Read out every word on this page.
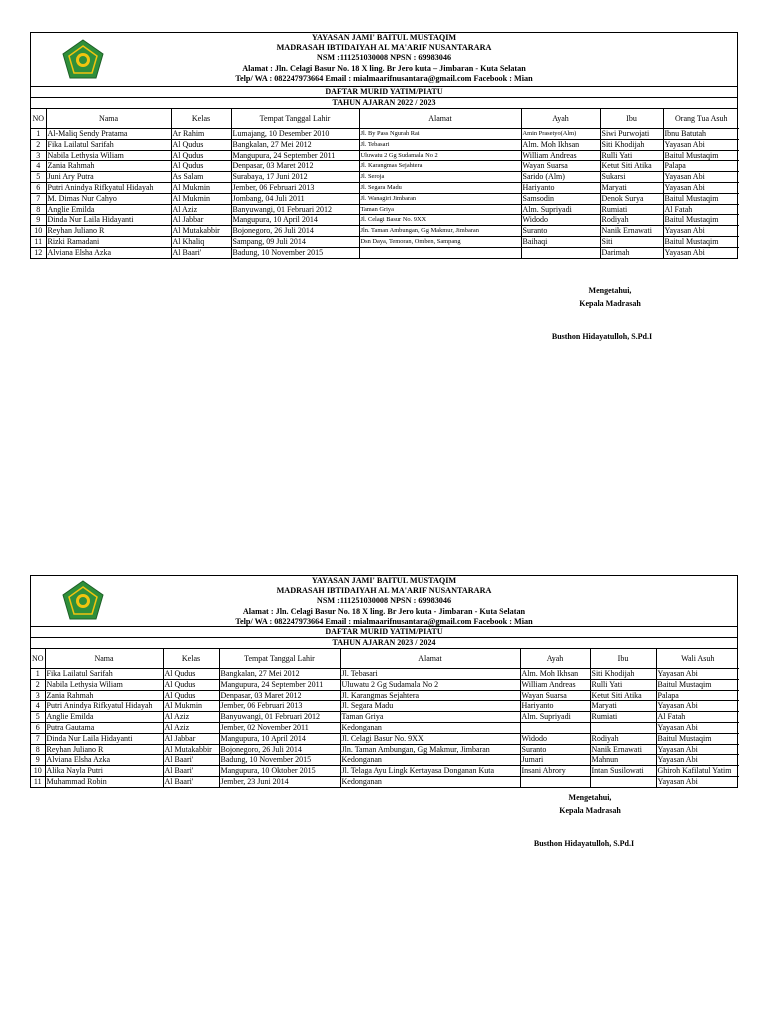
YAYASAN JAMI' BAITUL MUSTAQIM
MADRASAH IBTIDAIYAH AL MA'ARIF NUSANTARARA
NSM :111251030008 NPSN : 69983046
Alamat : Jln. Celagi Basur No. 18 X ling. Br Jero kuta – Jimbaran - Kuta Selatan
Telp/ WA : 082247973664 Email : mialmaarifnusantara@gmail.com Facebook : Mian
DAFTAR MURID YATIM/PIATU
TAHUN AJARAN 2022 / 2023
NO	Nama	Kelas	Tempat Tanggal Lahir	Alamat	Ayah	Ibu	Orang Tua Asuh
1	Al-Maliq Sendy Pratama	Ar Rahim	Lumajang, 10 Desember 2010	Jl. By Pass Ngurah Rai	Amin Prasetyo(Alm)	Siwi Purwojati	Ibnu Batutah
2	Fika Lailatul Sarifah	Al Qudus	Bangkalan, 27 Mei 2012	Jl. Tebasari	Alm. Moh Ikhsan	Siti Khodijah	Yayasan Abi
3	Nabila Lethysia Wiliam	Al Qudus	Mangupura, 24 September 2011	Uluwatu 2 Gg Sudamala No 2	William Andreas	Rulli Yati	Baitul Mustaqim
4	Zania Rahmah	Al Qudus	Denpasar, 03 Maret 2012	Jl. Karangmas Sejahtera	Wayan Suarsa	Ketut Siti Atika	Palapa
5	Juni Ary Putra	As Salam	Surabaya, 17 Juni 2012	Jl. Seroja	Sarido (Alm)	Sukarsi	Yayasan Abi
6	Putri Anindya Rifkyatul Hidayah	Al Mukmin	Jember, 06 Februari 2013	Jl. Segara Madu	Hariyanto	Maryati	Yayasan Abi
7	M. Dimas Nur Cahyo	Al Mukmin	Jombang, 04 Juli 2011	Jl. Wanagiri Jimbaran	Samsodin	Denok Surya	Baitul Mustaqim
8	Anglie Emilda	Al Aziz	Banyuwangi, 01 Februari 2012	Taman Griya	Alm. Supriyadi	Rumiati	Al Fatah
9	Dinda Nur Laila Hidayanti	Al Jabbar	Mangupura, 10 April 2014	Jl. Celagi Basur No. 9XX	Widodo	Rodiyah	Baitul Mustaqim
10	Reyhan Juliano R	Al Mutakabbir	Bojonegoro, 26 Juli 2014	Jln. Taman Ambungan, Gg Makmur, Jimbaran	Suranto	Nanik Ernawati	Yayasan Abi
11	Rizki Ramadani	Al Khaliq	Sampang, 09 Juli 2014	Dsn Daya, Temoran, Omben, Sampang	Baihaqi	Siti	Baitul Mustaqim
12	Alviana Elsha Azka	Al Baari'	Badung, 10 November 2015			Darimah	Yayasan Abi
Mengetahui,
Kepala Madrasah
Busthon Hidayatulloh, S.Pd.I
YAYASAN JAMI' BAITUL MUSTAQIM
MADRASAH IBTIDAIYAH AL MA'ARIF NUSANTARARA
NSM :111251030008 NPSN : 69983046
Alamat : Jln. Celagi Basur No. 18 X ling. Br Jero kuta - Jimbaran - Kuta Selatan
Telp/ WA : 082247973664 Email : mialmaarifnusantara@gmail.com Facebook : Mian
DAFTAR MURID YATIM/PIATU
TAHUN AJARAN 2023 / 2024
NO	Nama	Kelas	Tempat Tanggal Lahir	Alamat	Ayah	Ibu	Wali Asuh
1	Fika Lailatul Sarifah	Al Qudus	Bangkalan, 27 Mei 2012	Jl. Tebasari	Alm. Moh Ikhsan	Siti Khodijah	Yayasan Abi
2	Nabila Lethysia Wiliam	Al Qudus	Mangupura, 24 September 2011	Uluwatu 2 Gg Sudamala No 2	William Andreas	Rulli Yati	Baitul Mustaqim
3	Zania Rahmah	Al Qudus	Denpasar, 03 Maret 2012	Jl. Karangmas Sejahtera	Wayan Suarsa	Ketut Siti Atika	Palapa
4	Putri Anindya Rifkyatul Hidayah	Al Mukmin	Jember, 06 Februari 2013	Jl. Segara Madu	Hariyanto	Maryati	Yayasan Abi
5	Anglie Emilda	Al Aziz	Banyuwangi, 01 Februari 2012	Taman Griya	Alm. Supriyadi	Rumiati	Al Fatah
6	Putra Gautama	Al Aziz	Jember, 02 November 2011	Kedonganan			Yayasan Abi
7	Dinda Nur Laila Hidayanti	Al Jabbar	Mangupura, 10 April 2014	Jl. Celagi Basur No. 9XX	Widodo	Rodiyah	Baitul Mustaqim
8	Reyhan Juliano R	Al Mutakabbir	Bojonegoro, 26 Juli 2014	Jln. Taman Ambungan, Gg Makmur, Jimbaran	Suranto	Nanik Ernawati	Yayasan Abi
9	Alviana Elsha Azka	Al Baari'	Badung, 10 November 2015	Kedonganan	Jumari	Mahnun	Yayasan Abi
10	Alika Nayla Putri	Al Baari'	Mangupura, 10 Oktober 2015	Jl. Telaga Ayu Lingk Kertayasa Donganan Kuta	Insani Abrory	Intan Susilowati	Ghiroh Kafilatul Yatim
11	Muhammad Robin	Al Baari'	Jember, 23 Juni 2014	Kedonganan			Yayasan Abi
Mengetahui,
Kepala Madrasah
Busthon Hidayatulloh, S.Pd.I
